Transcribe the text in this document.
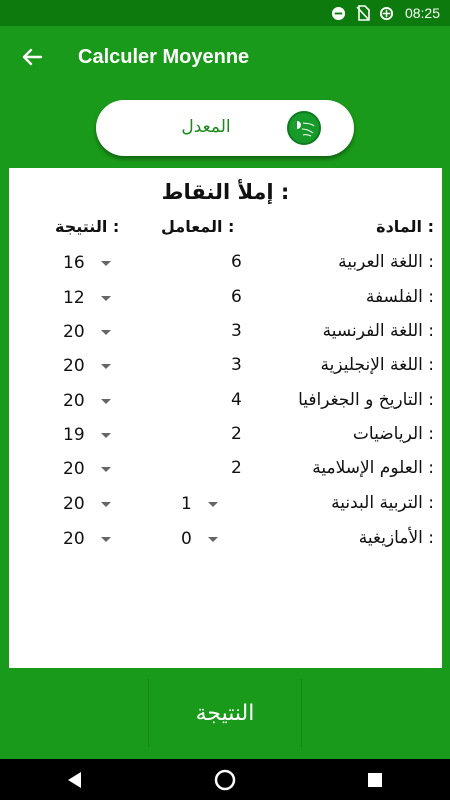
08:25
Calculer Moyenne
المعدل
إملأ النقاط :
المادة :
المعامل :
النتيجة :
اللغة العربية :
6
16
الفلسفة :
6
12
اللغة الفرنسية :
3
20
اللغة الإنجليزية :
3
20
التاريخ و الجغرافيا :
4
20
الرياضيات :
2
19
العلوم الإسلامية :
2
20
التربية البدنية :
1
20
الأمازيغية :
0
20
النتيجة
